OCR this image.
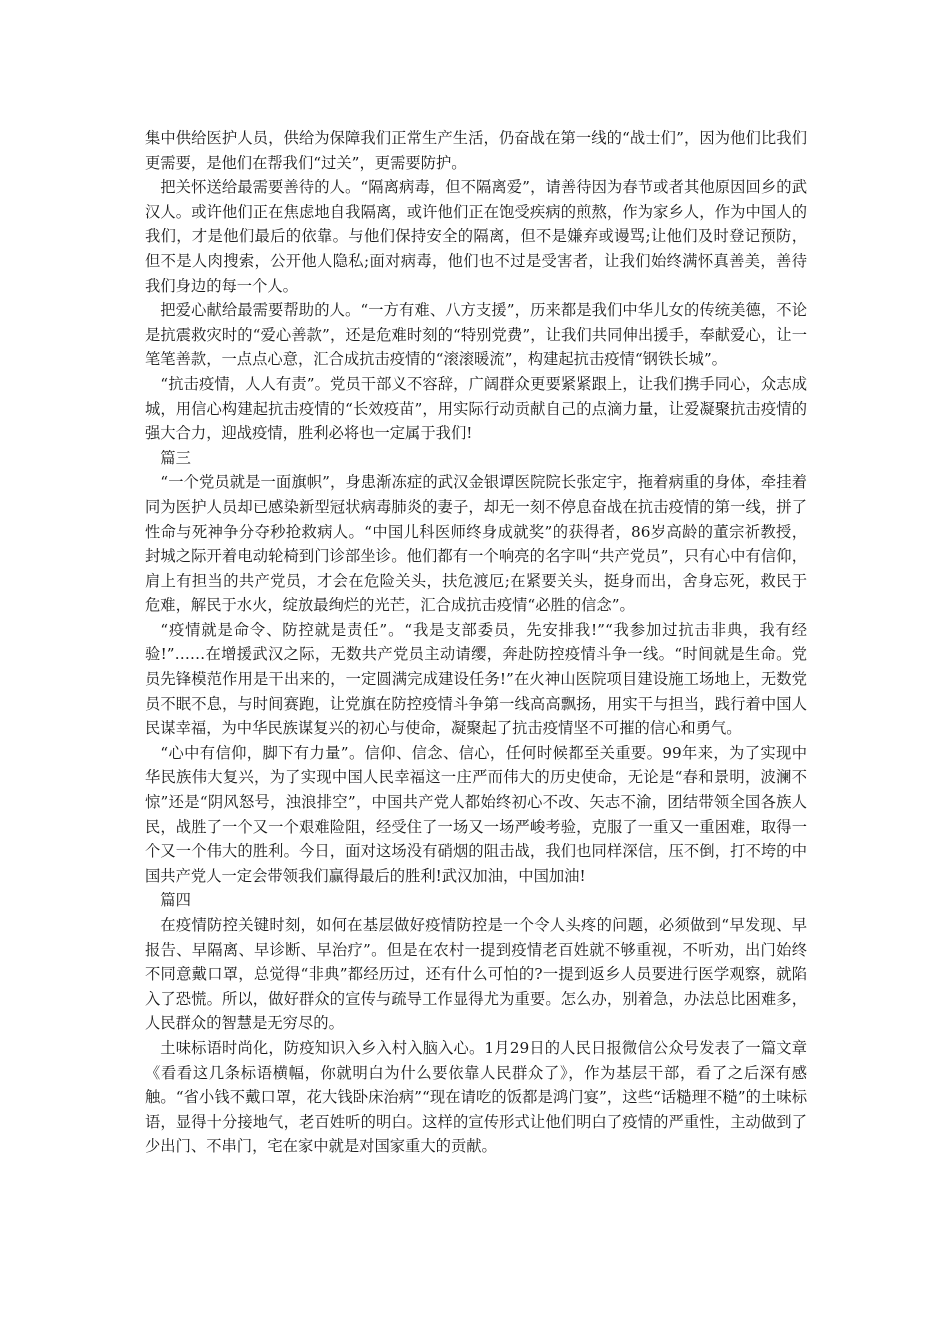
集中供给医护人员，供给为保障我们正常生产生活，仍奋战在第一线的“战士们”，因为他们比我们更需要，是他们在帮我们“过关”，更需要防护。

把关怀送给最需要善待的人。“隔离病毒，但不隔离爱”，请善待因为春节或者其他原因回乡的武汉人。或许他们正在焦虑地自我隔离，或许他们正在饱受疾病的煎熬，作为家乡人，作为中国人的我们，才是他们最后的依靠。与他们保持安全的隔离，但不是嫌弃或谩骂;让他们及时登记预防，但不是人肉搜索，公开他人隐私;面对病毒，他们也不过是受害者，让我们始终满怀真善美，善待我们身边的每一个人。

把爱心献给最需要帮助的人。“一方有难、八方支援”，历来都是我们中华儿女的传统美德，不论是抗震救灾时的“爱心善款”，还是危难时刻的“特别党费”，让我们共同伸出援手，奉献爱心，让一笔笔善款，一点点心意，汇合成抗击疫情的“滚滚暖流”，构建起抗击疫情“钢铁长城”。

“抗击疫情，人人有责”。党员干部义不容辞，广阔群众更要紧紧跟上，让我们携手同心，众志成城，用信心构建起抗击疫情的“长效疫苗”，用实际行动贡献自己的点滴力量，让爱凝聚抗击疫情的强大合力，迎战疫情，胜利必将也一定属于我们!

篇三

“一个党员就是一面旗帜”，身患渐冻症的武汉金银谭医院院长张定宇，拖着病重的身体，牵挂着同为医护人员却已感染新型冠状病毒肺炎的妻子，却无一刻不停息奋战在抗击疫情的第一线，拼了性命与死神争分夺秒抢救病人。“中国儿科医师终身成就奖”的获得者，86岁高龄的董宗祈教授，封城之际开着电动轮椅到门诊部坐诊。他们都有一个响亮的名字叫“共产党员”，只有心中有信仰，肩上有担当的共产党员，才会在危险关头，扶危渡厄;在紧要关头，挺身而出，舍身忘死，救民于危难，解民于水火，绽放最绚烂的光芒，汇合成抗击疫情“必胜的信念”。

“疫情就是命令、防控就是责任”。“我是支部委员，先安排我!”“我参加过抗击非典，我有经验!”……在增援武汉之际，无数共产党员主动请缨，奔赴防控疫情斗争一线。“时间就是生命。党员先锋模范作用是干出来的，一定圆满完成建设任务!”在火神山医院项目建设施工场地上，无数党员不眠不息，与时间赛跑，让党旗在防控疫情斗争第一线高高飘扬，用实干与担当，践行着中国人民谋幸福，为中华民族谋复兴的初心与使命，凝聚起了抗击疫情坚不可摧的信心和勇气。

“心中有信仰，脚下有力量”。信仰、信念、信心，任何时候都至关重要。99年来，为了实现中华民族伟大复兴，为了实现中国人民幸福这一庄严而伟大的历史使命，无论是“春和景明，波澜不惊”还是“阴风怒号，浊浪排空”，中国共产党人都始终初心不改、矢志不渝，团结带领全国各族人民，战胜了一个又一个艰难险阻，经受住了一场又一场严峻考验，克服了一重又一重困难，取得一个又一个伟大的胜利。今日，面对这场没有硝烟的阻击战，我们也同样深信，压不倒，打不垮的中国共产党人一定会带领我们赢得最后的胜利!武汉加油，中国加油!

篇四

在疫情防控关键时刻，如何在基层做好疫情防控是一个令人头疼的问题，必须做到“早发现、早报告、早隔离、早诊断、早治疗”。但是在农村一提到疫情老百姓就不够重视，不听劝，出门始终不同意戴口罩，总觉得“非典”都经历过，还有什么可怕的?一提到返乡人员要进行医学观察，就陷入了恐慌。所以，做好群众的宣传与疏导工作显得尤为重要。怎么办，别着急，办法总比困难多，人民群众的智慧是无穷尽的。

土味标语时尚化，防疫知识入乡入村入脑入心。1月29日的人民日报微信公众号发表了一篇文章《看看这几条标语横幅，你就明白为什么要依靠人民群众了》，作为基层干部，看了之后深有感触。“省小钱不戴口罩，花大钱卧床治病”“现在请吃的饭都是鸿门宴”，这些“话糙理不糙”的土味标语，显得十分接地气，老百姓听的明白。这样的宣传形式让他们明白了疫情的严重性，主动做到了少出门、不串门，宅在家中就是对国家重大的贡献。
